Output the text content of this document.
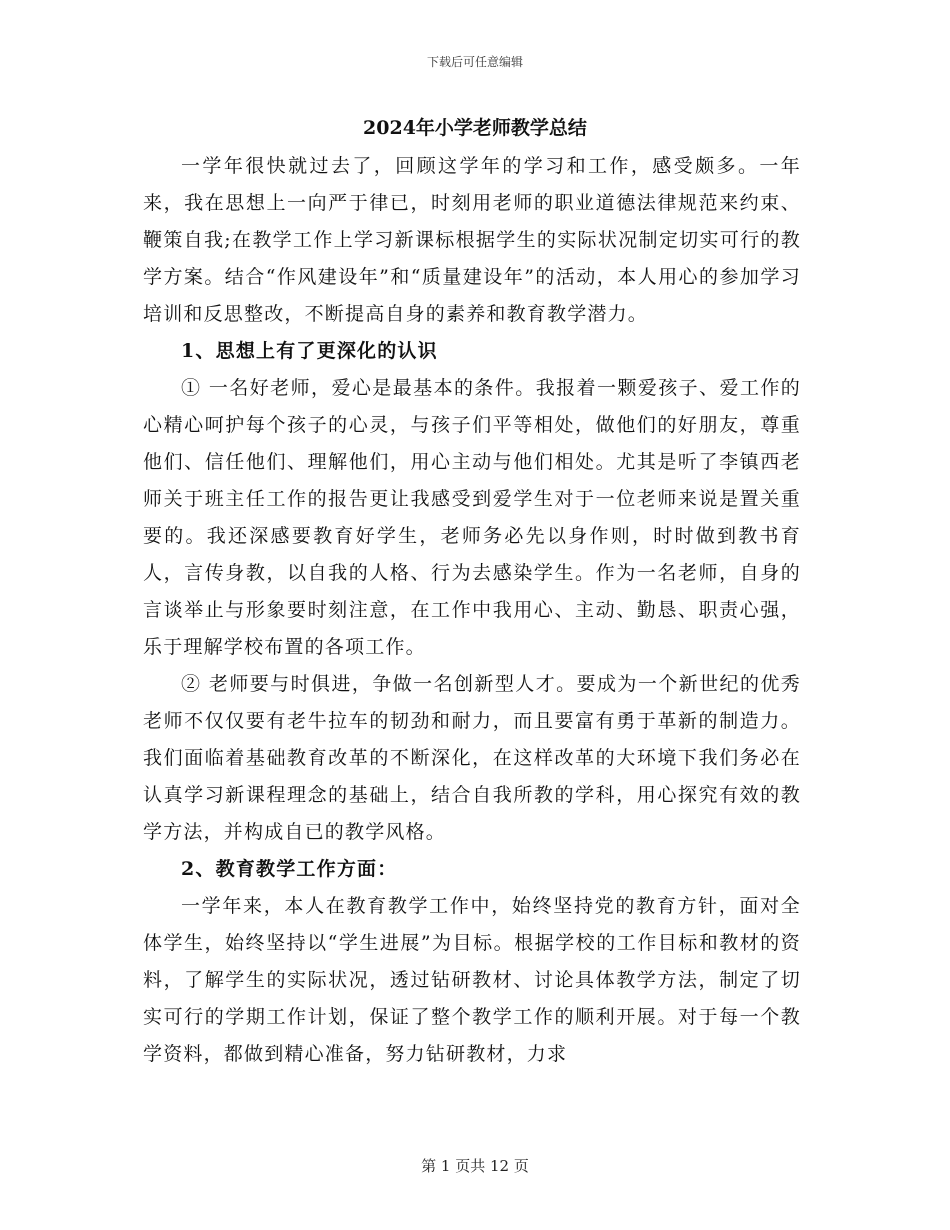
下载后可任意编辑
2024年小学老师教学总结

一学年很快就过去了，回顾这学年的学习和工作，感受颇多。一年来，我在思想上一向严于律已，时刻用老师的职业道德法律规范来约束、鞭策自我;在教学工作上学习新课标根据学生的实际状况制定切实可行的教学方案。结合“作风建设年”和“质量建设年”的活动，本人用心的参加学习培训和反思整改，不断提高自身的素养和教育教学潜力。

1、思想上有了更深化的认识

① 一名好老师，爱心是最基本的条件。我报着一颗爱孩子、爱工作的心精心呵护每个孩子的心灵，与孩子们平等相处，做他们的好朋友，尊重他们、信任他们、理解他们，用心主动与他们相处。尤其是听了李镇西老师关于班主任工作的报告更让我感受到爱学生对于一位老师来说是置关重要的。我还深感要教育好学生，老师务必先以身作则，时时做到教书育人，言传身教，以自我的人格、行为去感染学生。作为一名老师，自身的言谈举止与形象要时刻注意，在工作中我用心、主动、勤恳、职责心强，乐于理解学校布置的各项工作。

② 老师要与时俱进，争做一名创新型人才。要成为一个新世纪的优秀老师不仅仅要有老牛拉车的韧劲和耐力，而且要富有勇于革新的制造力。我们面临着基础教育改革的不断深化，在这样改革的大环境下我们务必在认真学习新课程理念的基础上，结合自我所教的学科，用心探究有效的教学方法，并构成自已的教学风格。

2、教育教学工作方面：

一学年来，本人在教育教学工作中，始终坚持党的教育方针，面对全体学生，始终坚持以“学生进展”为目标。根据学校的工作目标和教材的资料，了解学生的实际状况，透过钻研教材、讨论具体教学方法，制定了切实可行的学期工作计划，保证了整个教学工作的顺利开展。对于每一个教学资料，都做到精心准备，努力钻研教材，力求

第 1 页共 12 页
